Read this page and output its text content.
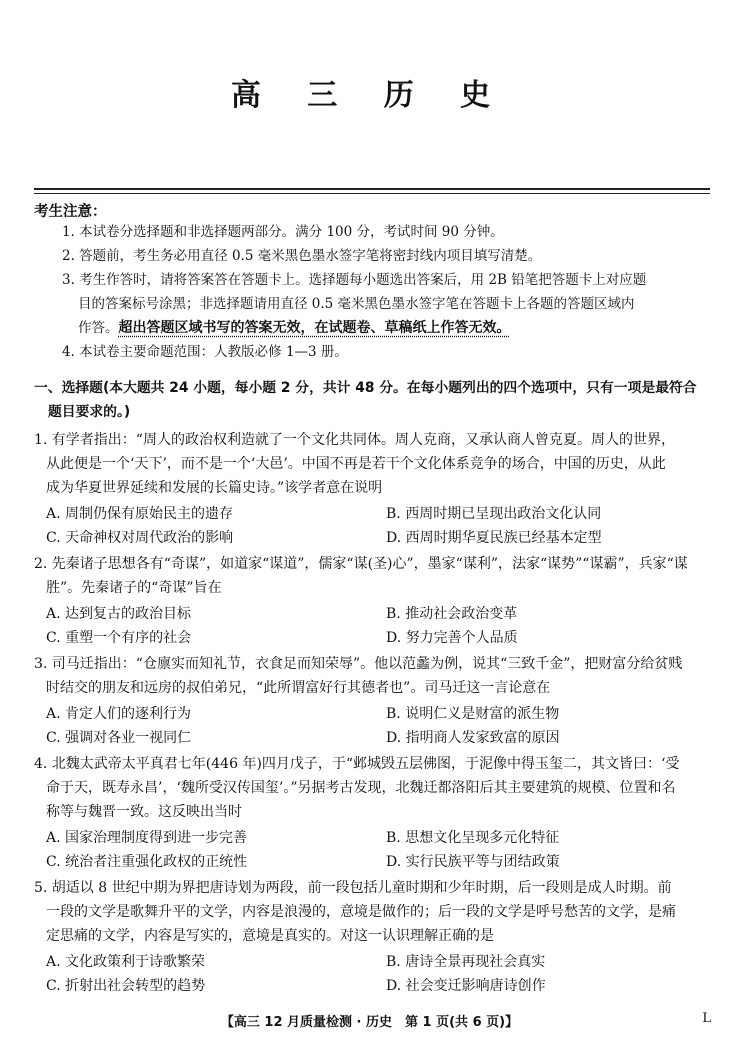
高 三 历 史
考生注意：
1. 本试卷分选择题和非选择题两部分。满分 100 分，考试时间 90 分钟。
2. 答题前，考生务必用直径 0.5 毫米黑色墨水签字笔将密封线内项目填写清楚。
3. 考生作答时，请将答案答在答题卡上。选择题每小题选出答案后，用 2B 铅笔把答题卡上对应题
目的答案标号涂黑；非选择题请用直径 0.5 毫米黑色墨水签字笔在答题卡上各题的答题区域内
作答。超出答题区域书写的答案无效，在试题卷、草稿纸上作答无效。
4. 本试卷主要命题范围：人教版必修 1—3 册。
一、选择题(本大题共 24 小题，每小题 2 分，共计 48 分。在每小题列出的四个选项中，只有一项是最符合
题目要求的。)
1. 有学者指出：“周人的政治权利造就了一个文化共同体。周人克商，又承认商人曾克夏。周人的世界，
从此便是一个‘天下’，而不是一个‘大邑’。中国不再是若干个文化体系竞争的场合，中国的历史，从此
成为华夏世界延续和发展的长篇史诗。”该学者意在说明
A. 周制仍保有原始民主的遗存	B. 西周时期已呈现出政治文化认同
C. 天命神权对周代政治的影响	D. 西周时期华夏民族已经基本定型
2. 先秦诸子思想各有“奇谋”，如道家“谋道”，儒家“谋(圣)心”，墨家“谋利”，法家“谋势”“谋霸”，兵家“谋
胜”。先秦诸子的“奇谋”旨在
A. 达到复古的政治目标	B. 推动社会政治变革
C. 重塑一个有序的社会	D. 努力完善个人品质
3. 司马迁指出：“仓廪实而知礼节，衣食足而知荣辱”。他以范蠡为例，说其“三致千金”，把财富分给贫贱
时结交的朋友和远房的叔伯弟兄，“此所谓富好行其德者也”。司马迁这一言论意在
A. 肯定人们的逐利行为	B. 说明仁义是财富的派生物
C. 强调对各业一视同仁	D. 指明商人发家致富的原因
4. 北魏太武帝太平真君七年(446 年)四月戊子，于“邺城毁五层佛图，于泥像中得玉玺二，其文皆曰：‘受
命于天，既寿永昌’，‘魏所受汉传国玺’。”另据考古发现，北魏迁都洛阳后其主要建筑的规模、位置和名
称等与魏晋一致。这反映出当时
A. 国家治理制度得到进一步完善	B. 思想文化呈现多元化特征
C. 统治者注重强化政权的正统性	D. 实行民族平等与团结政策
5. 胡适以 8 世纪中期为界把唐诗划为两段，前一段包括儿童时期和少年时期，后一段则是成人时期。前
一段的文学是歌舞升平的文学，内容是浪漫的，意境是做作的；后一段的文学是呼号愁苦的文学，是痛
定思痛的文学，内容是写实的，意境是真实的。对这一认识理解正确的是
A. 文化政策利于诗歌繁荣	B. 唐诗全景再现社会真实
C. 折射出社会转型的趋势	D. 社会变迁影响唐诗创作
【高三 12 月质量检测 · 历史　第 1 页(共 6 页)】	L
